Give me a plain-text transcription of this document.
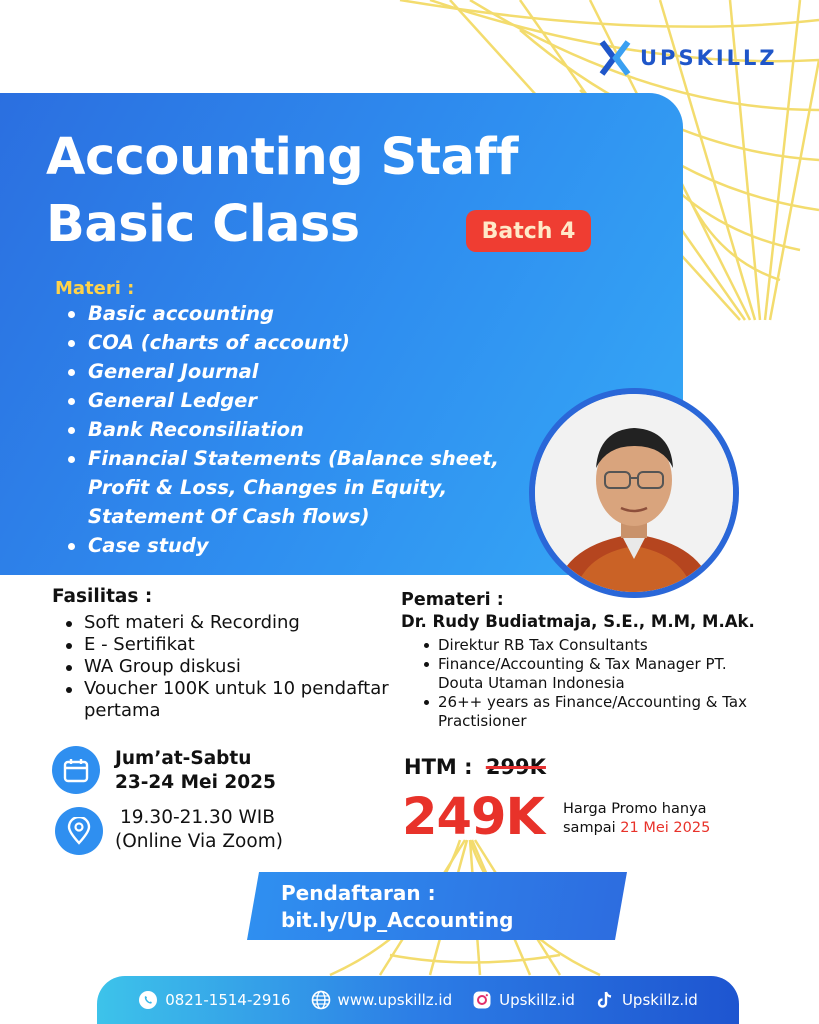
UPSKILLZ
Accounting Staff
Basic Class	Batch 4
Materi :
Basic accounting
COA (charts of account)
General Journal
General Ledger
Bank Reconsiliation
Financial Statements (Balance sheet, Profit & Loss, Changes in Equity, Statement Of Cash flows)
Case study
Fasilitas :
Soft materi & Recording
E - Sertifikat
WA Group diskusi
Voucher 100K untuk 10 pendaftar pertama
Pemateri :
Dr. Rudy Budiatmaja, S.E., M.M, M.Ak.
Direktur RB Tax Consultants
Finance/Accounting & Tax Manager PT. Douta Utaman Indonesia
26++ years as Finance/Accounting & Tax Practisioner
Jum’at-Sabtu
23-24 Mei 2025
19.30-21.30 WIB
(Online Via Zoom)
HTM : 299K
249K Harga Promo hanya
sampai 21 Mei 2025
Pendaftaran :
bit.ly/Up_Accounting
0821-1514-2916	www.upskillz.id	Upskillz.id	Upskillz.id
